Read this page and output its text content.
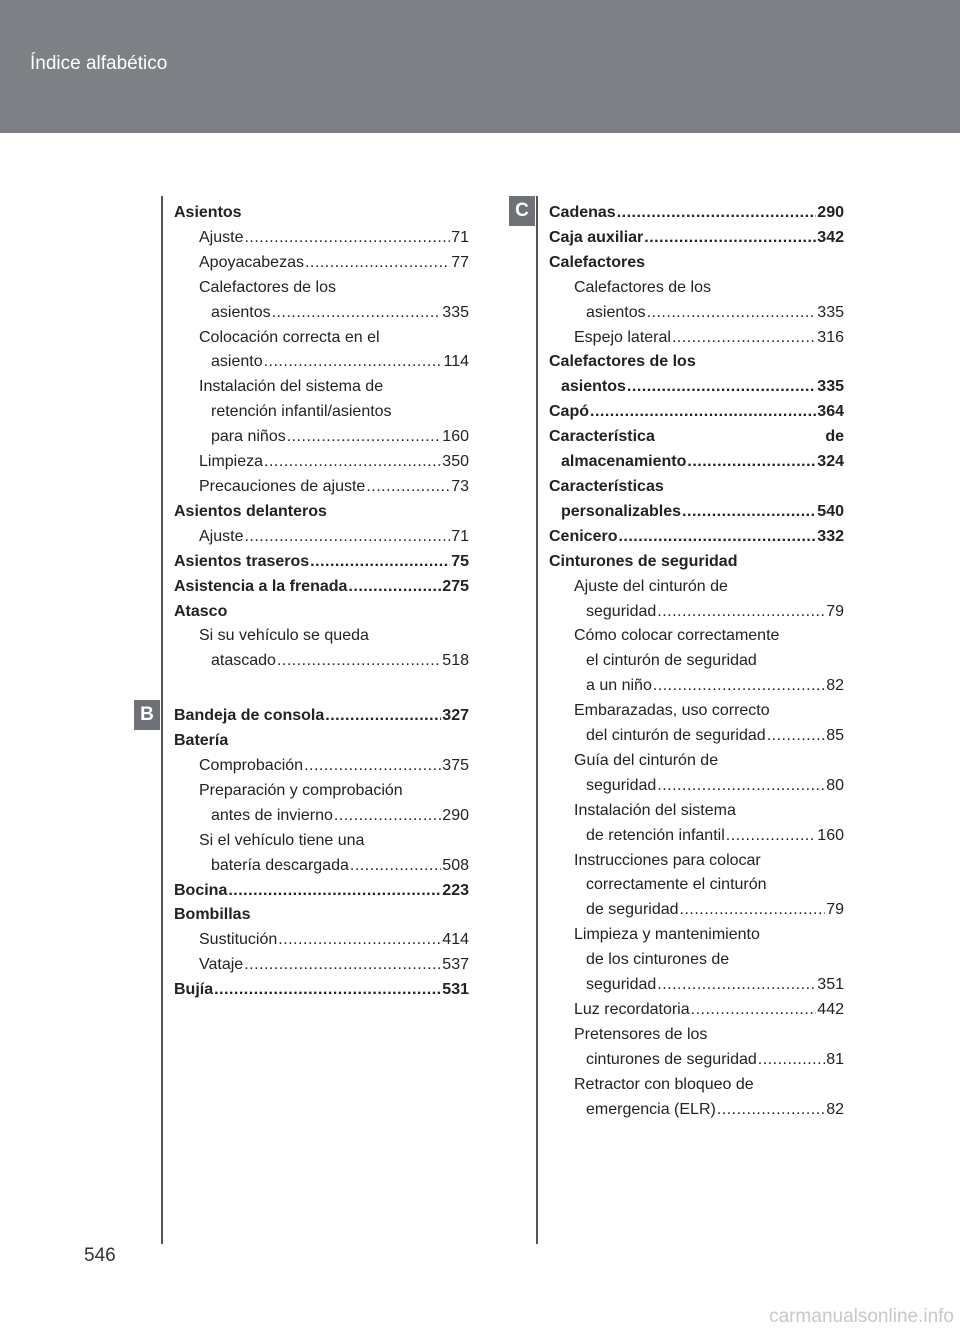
Índice alfabético
C
B
Asientos
Ajuste .....	71
Apoyacabezas .....	77
Calefactores de los
asientos .....	335
Colocación correcta en el
asiento .....	114
Instalación del sistema de
retención infantil/asientos
para niños .....	160
Limpieza .....	350
Precauciones de ajuste .....	73
Asientos delanteros
Ajuste .....	71
Asientos traseros .....	75
Asistencia a la frenada .....	275
Atasco
Si su vehículo se queda
atascado .....	518
Bandeja de consola .....	327
Batería
Comprobación .....	375
Preparación y comprobación
antes de invierno .....	290
Si el vehículo tiene una
batería descargada .....	508
Bocina .....	223
Bombillas
Sustitución .....	414
Vataje .....	537
Bujía .....	531
Cadenas .....	290
Caja auxiliar .....	342
Calefactores
Calefactores de los
asientos .....	335
Espejo lateral .....	316
Calefactores de los
asientos .....	335
Capó .....	364
Característica	de
almacenamiento .....	324
Características
personalizables .....	540
Cenicero .....	332
Cinturones de seguridad
Ajuste del cinturón de
seguridad .....	79
Cómo colocar correctamente
el cinturón de seguridad
a un niño .....	82
Embarazadas, uso correcto
del cinturón de seguridad .....	85
Guía del cinturón de
seguridad .....	80
Instalación del sistema
de retención infantil .....	160
Instrucciones para colocar
correctamente el cinturón
de seguridad .....	79
Limpieza y mantenimiento
de los cinturones de
seguridad .....	351
Luz recordatoria .....	442
Pretensores de los
cinturones de seguridad .....	81
Retractor con bloqueo de
emergencia (ELR) .....	82
546
carmanualsonline.info
